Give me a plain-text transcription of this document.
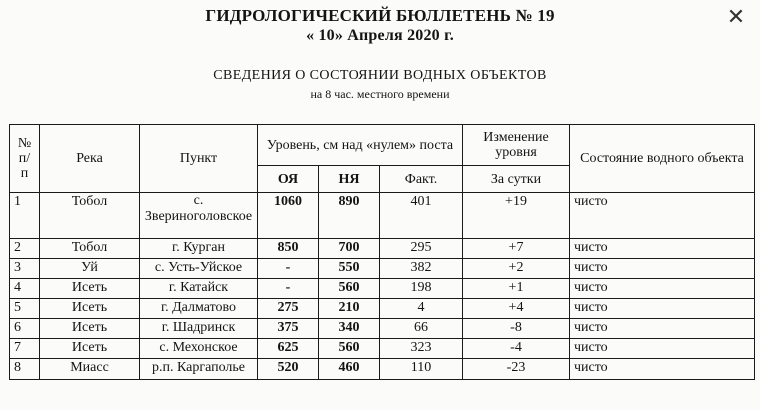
ГИДРОЛОГИЧЕСКИЙ БЮЛЛЕТЕНЬ № 19
« 10» Апреля 2020 г.
СВЕДЕНИЯ О СОСТОЯНИИ ВОДНЫХ ОБЪЕКТОВ
на 8 час. местного времени
✕
№ п/ п	Река	Пункт	Уровень, см над «нулем» поста			Изменение уровня	Состояние водного объекта
			ОЯ	НЯ	Факт.	За сутки	
1	Тобол	с. Звериноголовское	1060	890	401	+19	чисто
2	Тобол	г. Курган	850	700	295	+7	чисто
3	Уй	с. Усть-Уйское	-	550	382	+2	чисто
4	Исеть	г. Катайск	-	560	198	+1	чисто
5	Исеть	г. Далматово	275	210	4	+4	чисто
6	Исеть	г. Шадринск	375	340	66	-8	чисто
7	Исеть	с. Мехонское	625	560	323	-4	чисто
8	Миасс	р.п. Каргаполье	520	460	110	-23	чисто
